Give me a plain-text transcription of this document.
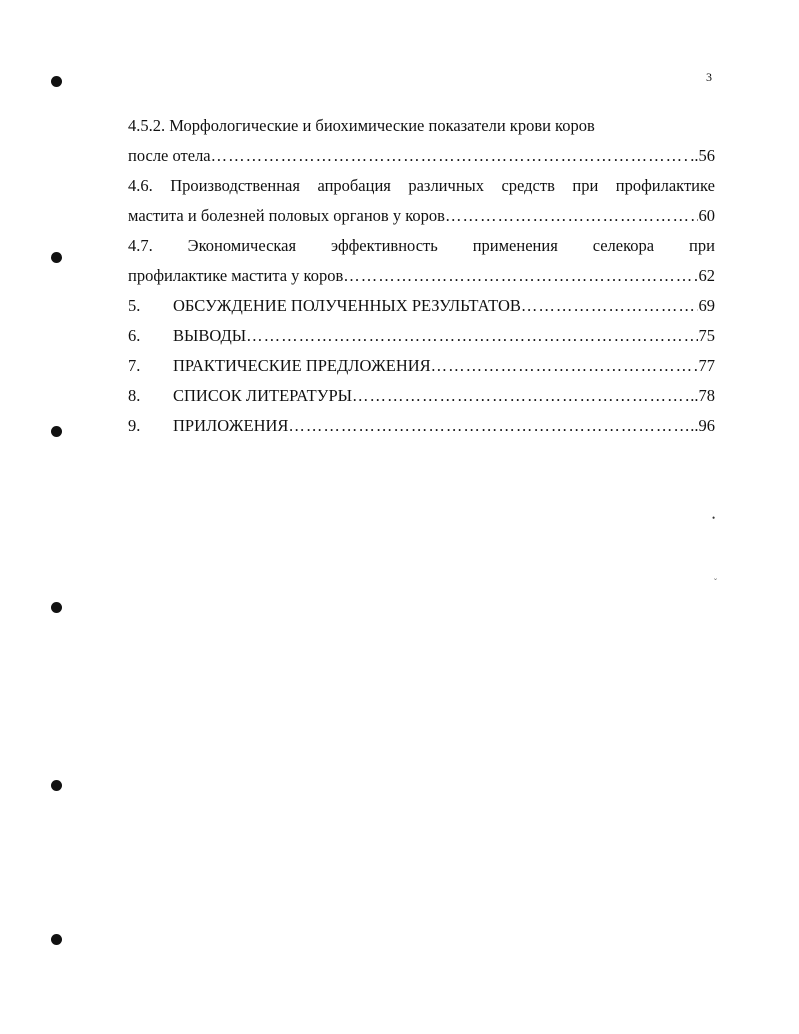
3
•
˘
4.5.2. Морфологические и биохимические показатели крови коров
после отела …………………………………………………………………………………………………………………………………………………………………………………	..56
4.6. Производственная апробация различных средств при профилактике
мастита и болезней половых органов у коров …………………………………………………………………………………………………………………………………………………………………………………	60
4.7. Экономическая эффективность применения селекора при
профилактике мастита у коров …………………………………………………………………………………………………………………………………………………………………………………	62
5.	ОБСУЖДЕНИЕ ПОЛУЧЕННЫХ РЕЗУЛЬТАТОВ …………………………………………………………………………………………………………………………………………………………………………………	69
6.	ВЫВОДЫ …………………………………………………………………………………………………………………………………………………………………………………	75
7.	ПРАКТИЧЕСКИЕ ПРЕДЛОЖЕНИЯ …………………………………………………………………………………………………………………………………………………………………………………	77
8.	СПИСОК ЛИТЕРАТУРЫ …………………………………………………………………………………………………………………………………………………………………………………	..78
9.	ПРИЛОЖЕНИЯ …………………………………………………………………………………………………………………………………………………………………………………	..96
